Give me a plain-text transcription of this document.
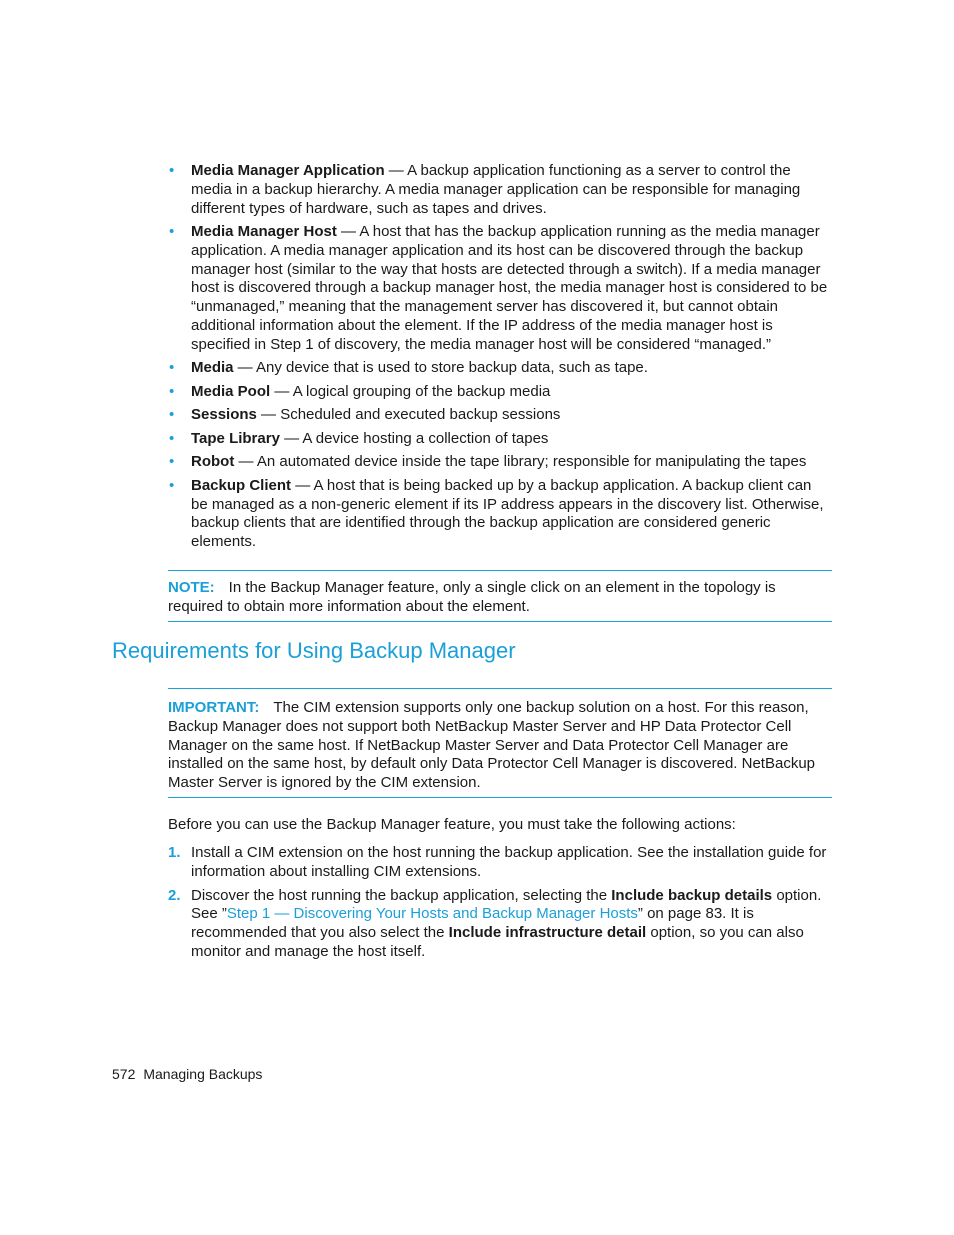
• Media Manager Application — A backup application functioning as a server to control the media in a backup hierarchy. A media manager application can be responsible for managing different types of hardware, such as tapes and drives.
• Media Manager Host — A host that has the backup application running as the media manager application. A media manager application and its host can be discovered through the backup manager host (similar to the way that hosts are detected through a switch). If a media manager host is discovered through a backup manager host, the media manager host is considered to be “unmanaged,” meaning that the management server has discovered it, but cannot obtain additional information about the element. If the IP address of the media manager host is specified in Step 1 of discovery, the media manager host will be considered “managed.”
• Media — Any device that is used to store backup data, such as tape.
• Media Pool — A logical grouping of the backup media
• Sessions — Scheduled and executed backup sessions
• Tape Library — A device hosting a collection of tapes
• Robot — An automated device inside the tape library; responsible for manipulating the tapes
• Backup Client — A host that is being backed up by a backup application. A backup client can be managed as a non-generic element if its IP address appears in the discovery list. Otherwise, backup clients that are identified through the backup application are considered generic elements.
NOTE: In the Backup Manager feature, only a single click on an element in the topology is required to obtain more information about the element.
Requirements for Using Backup Manager
IMPORTANT: The CIM extension supports only one backup solution on a host. For this reason, Backup Manager does not support both NetBackup Master Server and HP Data Protector Cell Manager on the same host. If NetBackup Master Server and Data Protector Cell Manager are installed on the same host, by default only Data Protector Cell Manager is discovered. NetBackup Master Server is ignored by the CIM extension.

Before you can use the Backup Manager feature, you must take the following actions:

1. Install a CIM extension on the host running the backup application. See the installation guide for information about installing CIM extensions.
2. Discover the host running the backup application, selecting the Include backup details option. See ”Step 1 — Discovering Your Hosts and Backup Manager Hosts” on page 83. It is recommended that you also select the Include infrastructure detail option, so you can also monitor and manage the host itself.
572 Managing Backups
